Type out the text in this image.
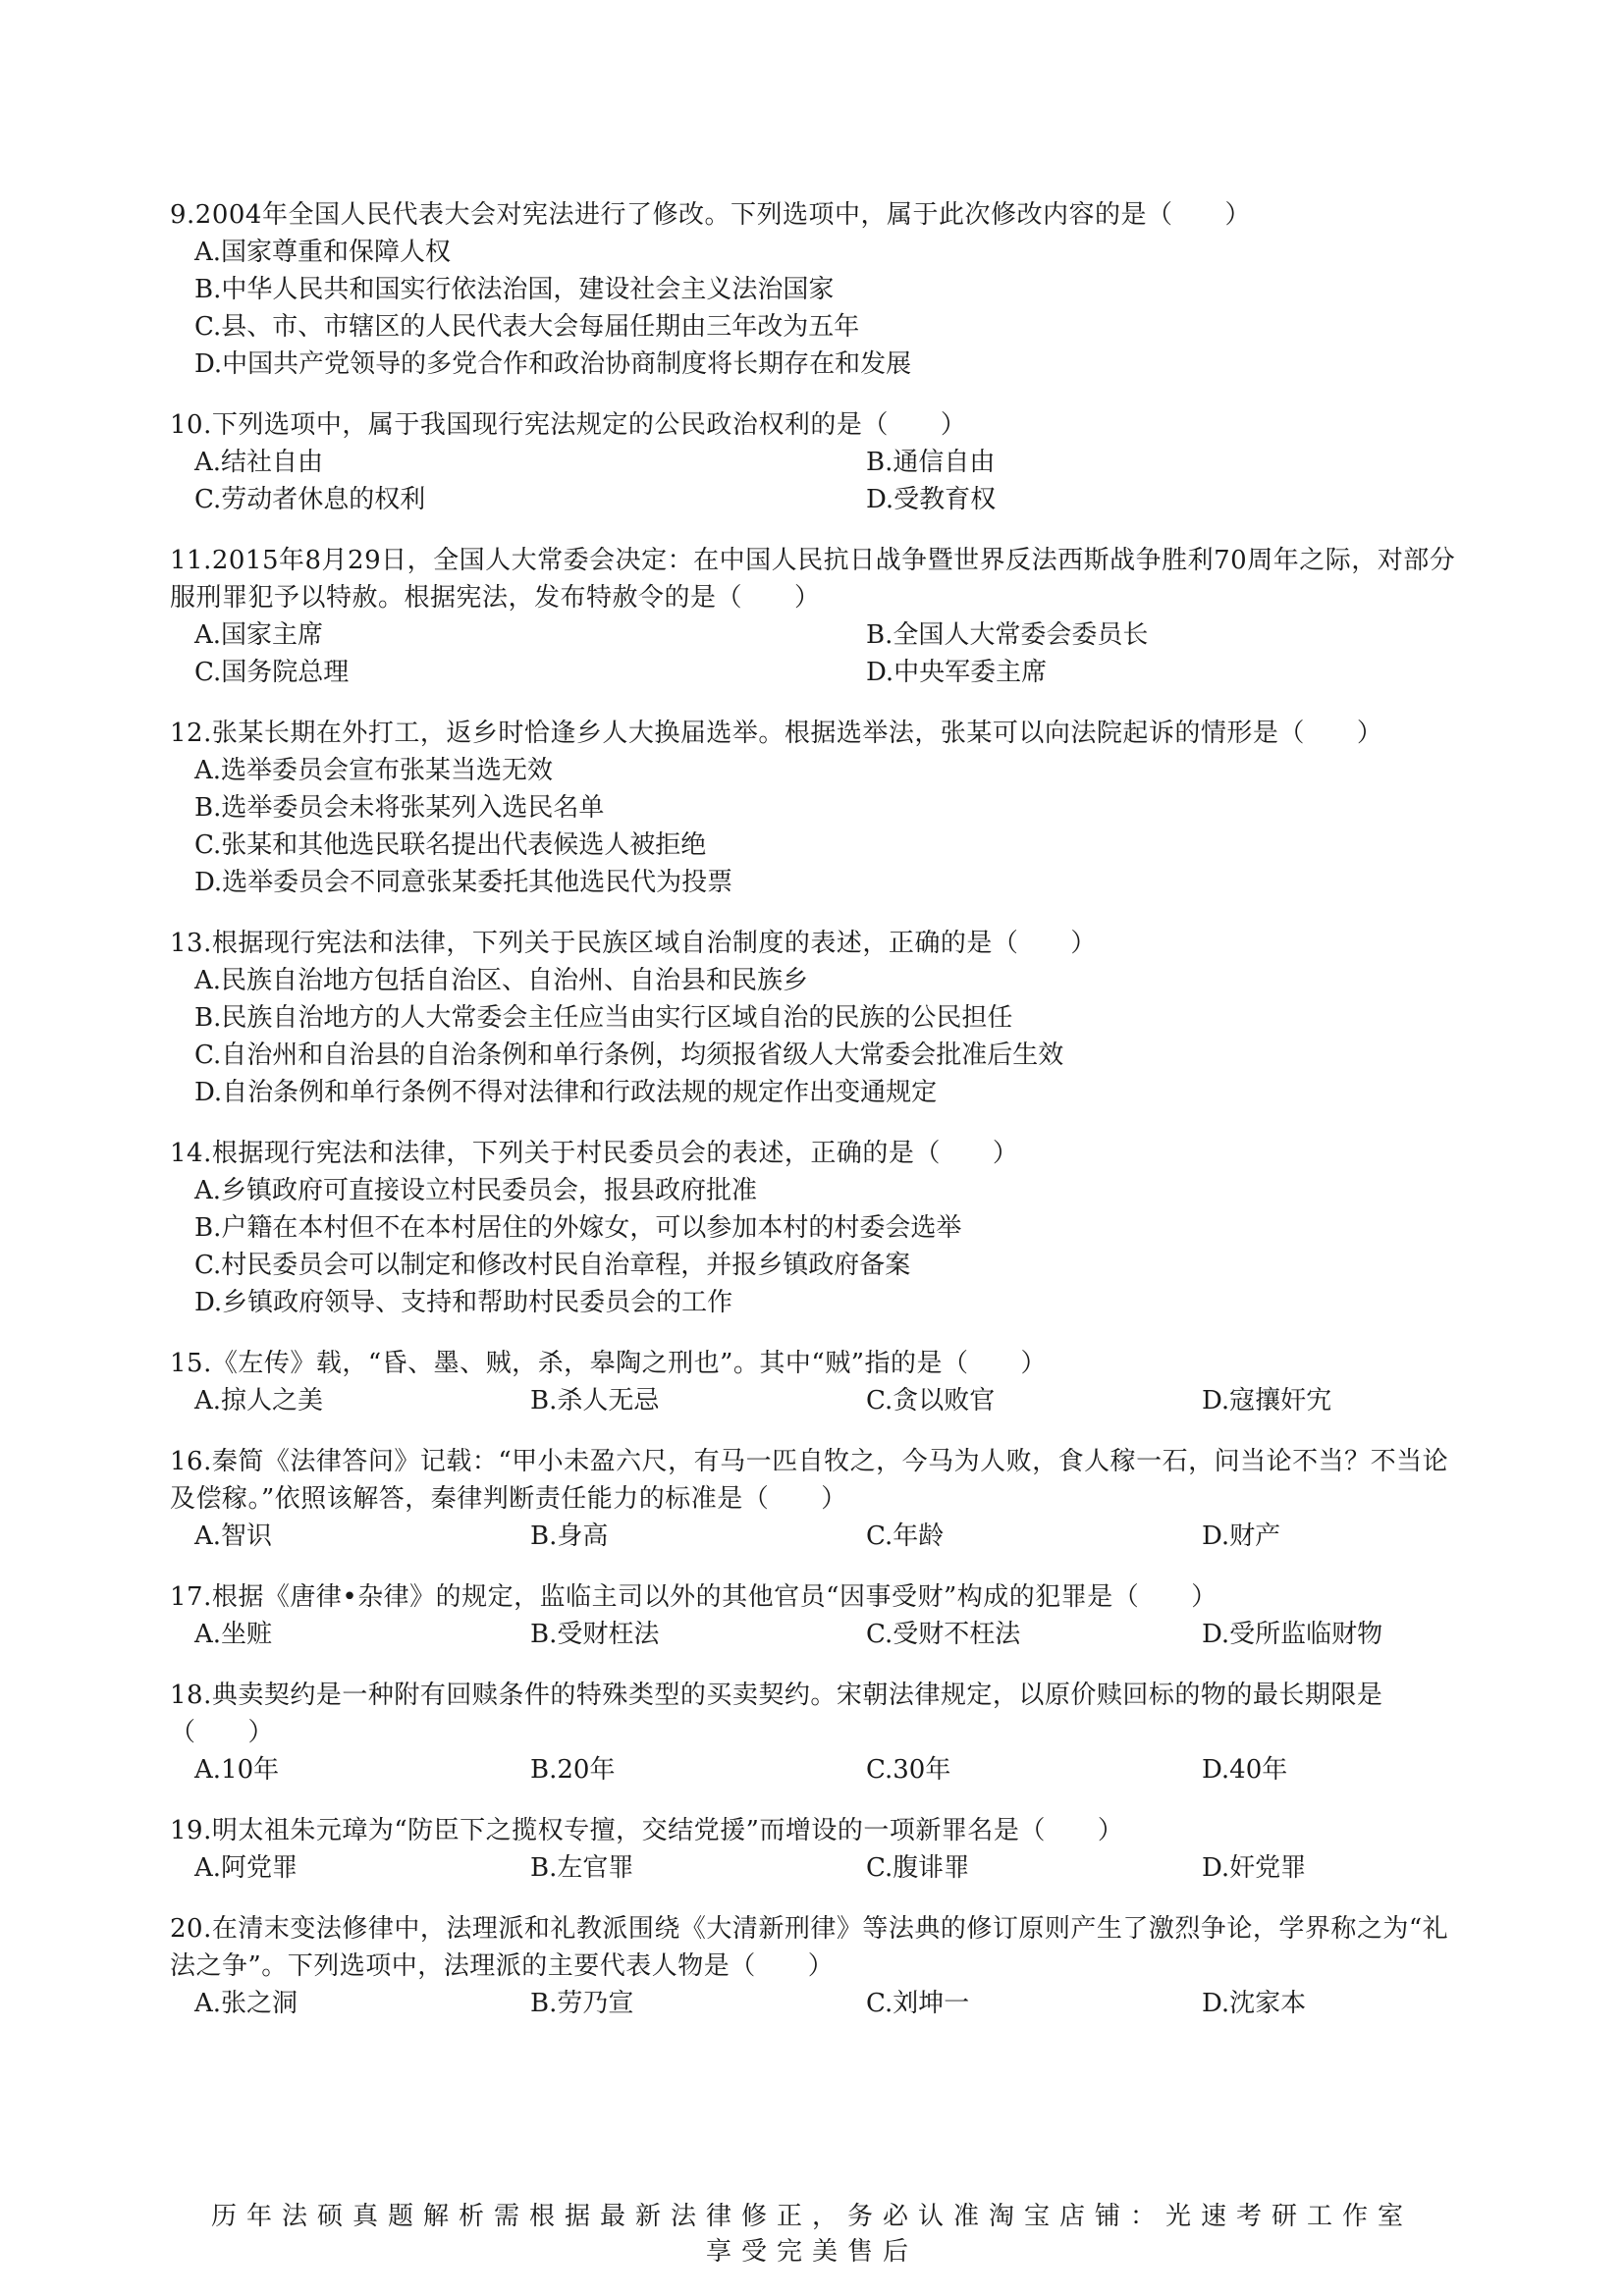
9.2004年全国人民代表大会对宪法进行了修改。下列选项中，属于此次修改内容的是（　　）
A.国家尊重和保障人权
B.中华人民共和国实行依法治国，建设社会主义法治国家
C.县、市、市辖区的人民代表大会每届任期由三年改为五年
D.中国共产党领导的多党合作和政治协商制度将长期存在和发展
10.下列选项中，属于我国现行宪法规定的公民政治权利的是（　　）
A.结社自由	B.通信自由
C.劳动者休息的权利	D.受教育权
11.2015年8月29日，全国人大常委会决定：在中国人民抗日战争暨世界反法西斯战争胜利70周年之际，对部分服刑罪犯予以特赦。根据宪法，发布特赦令的是（　　）
A.国家主席	B.全国人大常委会委员长
C.国务院总理	D.中央军委主席
12.张某长期在外打工，返乡时恰逢乡人大换届选举。根据选举法，张某可以向法院起诉的情形是（　　）
A.选举委员会宣布张某当选无效
B.选举委员会未将张某列入选民名单
C.张某和其他选民联名提出代表候选人被拒绝
D.选举委员会不同意张某委托其他选民代为投票
13.根据现行宪法和法律，下列关于民族区域自治制度的表述，正确的是（　　）
A.民族自治地方包括自治区、自治州、自治县和民族乡
B.民族自治地方的人大常委会主任应当由实行区域自治的民族的公民担任
C.自治州和自治县的自治条例和单行条例，均须报省级人大常委会批准后生效
D.自治条例和单行条例不得对法律和行政法规的规定作出变通规定
14.根据现行宪法和法律，下列关于村民委员会的表述，正确的是（　　）
A.乡镇政府可直接设立村民委员会，报县政府批准
B.户籍在本村但不在本村居住的外嫁女，可以参加本村的村委会选举
C.村民委员会可以制定和修改村民自治章程，并报乡镇政府备案
D.乡镇政府领导、支持和帮助村民委员会的工作
15.《左传》载，“昏、墨、贼，杀，皋陶之刑也”。其中“贼”指的是（　　）
A.掠人之美	B.杀人无忌	C.贪以败官	D.寇攘奸宄
16.秦简《法律答问》记载：“甲小未盈六尺，有马一匹自牧之，今马为人败，食人稼一石，问当论不当？不当论及偿稼。”依照该解答，秦律判断责任能力的标准是（　　）
A.智识	B.身高	C.年龄	D.财产
17.根据《唐律•杂律》的规定，监临主司以外的其他官员“因事受财”构成的犯罪是（　　）
A.坐赃	B.受财枉法	C.受财不枉法	D.受所监临财物
18.典卖契约是一种附有回赎条件的特殊类型的买卖契约。宋朝法律规定，以原价赎回标的物的最长期限是（　　）
A.10年	B.20年	C.30年	D.40年
19.明太祖朱元璋为“防臣下之揽权专擅，交结党援”而增设的一项新罪名是（　　）
A.阿党罪	B.左官罪	C.腹诽罪	D.奸党罪
20.在清末变法修律中，法理派和礼教派围绕《大清新刑律》等法典的修订原则产生了激烈争论，学界称之为“礼法之争”。下列选项中，法理派的主要代表人物是（　　）
A.张之洞	B.劳乃宣	C.刘坤一	D.沈家本
历年法硕真题解析需根据最新法律修正，务必认准淘宝店铺：光速考研工作室
享受完美售后
